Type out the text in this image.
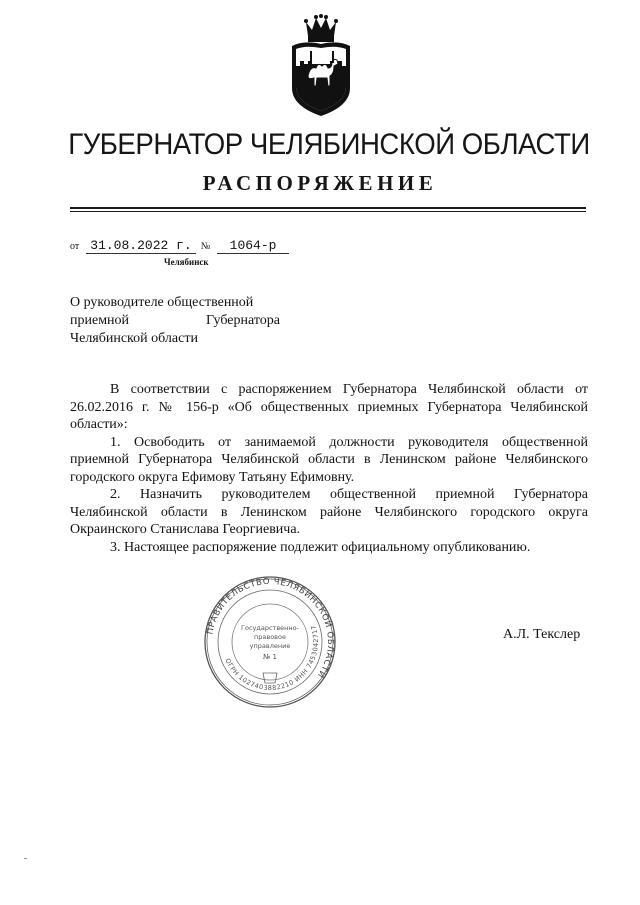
ГУБЕРНАТОР ЧЕЛЯБИНСКОЙ ОБЛАСТИ
РАСПОРЯЖЕНИЕ
от 31.08.2022 г. № 1064-р
Челябинск
О руководителе общественной
приемной	Губернатора
Челябинской области

В соответствии с распоряжением Губернатора Челябинской области от 26.02.2016 г. № 156-р «Об общественных приемных Губернатора Челябинской области»:

1. Освободить от занимаемой должности руководителя общественной приемной Губернатора Челябинской области в Ленинском районе Челябинского городского округа Ефимову Татьяну Ефимовну.

2. Назначить руководителем общественной приемной Губернатора Челябинской области в Ленинском районе Челябинского городского округа Окраинского Станислава Георгиевича.

3. Настоящее распоряжение подлежит официальному опубликованию.

ПРАВИТЕЛЬСТВО ЧЕЛЯБИНСКОЙ ОБЛАСТИ
ОГРН 1027403882210 ИНН 7453042717
Государственно-
правовое
управление
№ 1
А.Л. Текслер
